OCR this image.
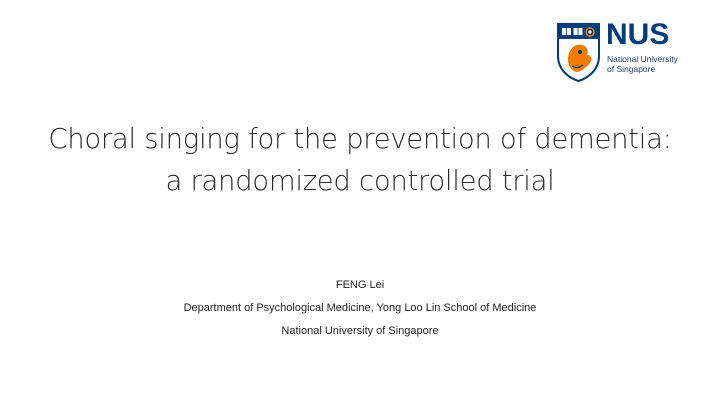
NUS
National University
of Singapore
Choral singing for the prevention of dementia:
a randomized controlled trial
FENG Lei
Department of Psychological Medicine, Yong Loo Lin School of Medicine
National University of Singapore
